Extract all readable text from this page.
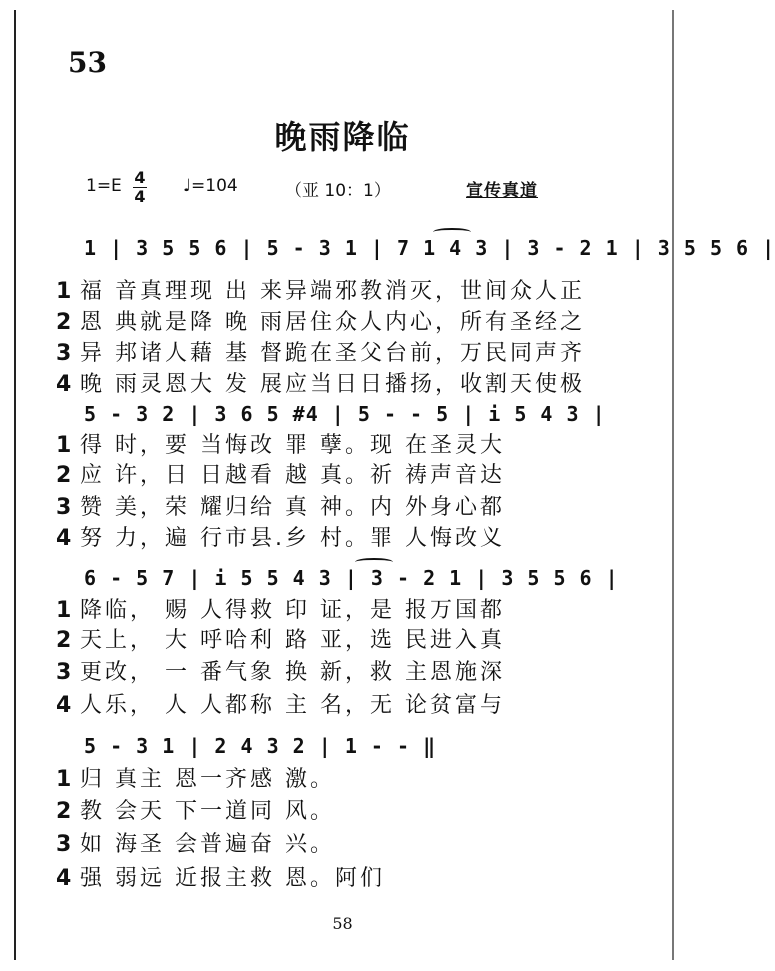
53
晚雨降临
1=E 4
4
♩=104	（亚 10：1）	宣传真道
1 | 3 5 5 6 | 5 - 3 1 | 7 1 4 3 | 3 - 2 1 | 3 5 5 6 |
1 福 音真理现 出 来异端邪教消灭，世间众人正
2 恩 典就是降 晚 雨居住众人内心，所有圣经之
3 异 邦诸人藉 基 督跪在圣父台前，万民同声齐
4 晚 雨灵恩大 发 展应当日日播扬，收割天使极
5 - 3 2 | 3 6 5 #4 | 5 - - 5 | i 5 4 3 |
1 得 时，要 当悔改 罪 孽。现 在圣灵大
2 应 许，日 日越看 越 真。祈 祷声音达
3 赞 美，荣 耀归给 真 神。内 外身心都
4 努 力，遍 行市县.乡 村。罪 人悔改义
6 - 5 7 | i 5 5 4 3 | 3 - 2 1 | 3 5 5 6 |
1 降临， 赐 人得救 印 证，是 报万国都
2 天上， 大 呼哈利 路 亚，选 民进入真
3 更改， 一 番气象 换 新，救 主恩施深
4 人乐， 人 人都称 主 名，无 论贫富与
5 - 3 1 | 2 4 3 2 | 1 - - ‖
1 归 真主 恩一齐感 激。
2 教 会天 下一道同 风。
3 如 海圣 会普遍奋 兴。
4 强 弱远 近报主救 恩。阿们
58
